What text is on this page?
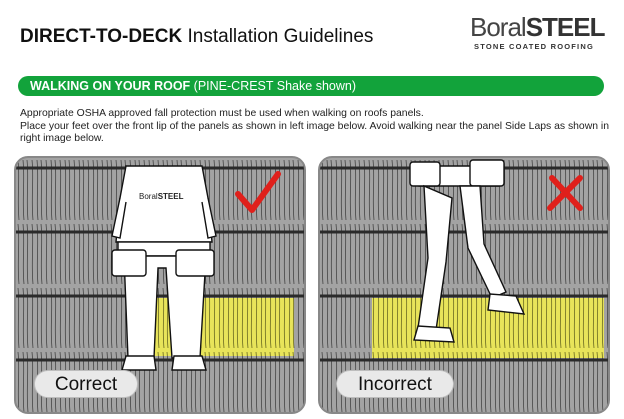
DIRECT-TO-DECK Installation Guidelines	BoralSTEEL
STONE COATED ROOFING
WALKING ON YOUR ROOF (PINE-CREST Shake shown)

Appropriate OSHA approved fall protection must be used when walking on roofs panels.

Place your feet over the front lip of the panels as shown in left image below. Avoid walking near the panel Side Laps as shown in right image below.

BoralSTEEL
Correct	Incorrect
